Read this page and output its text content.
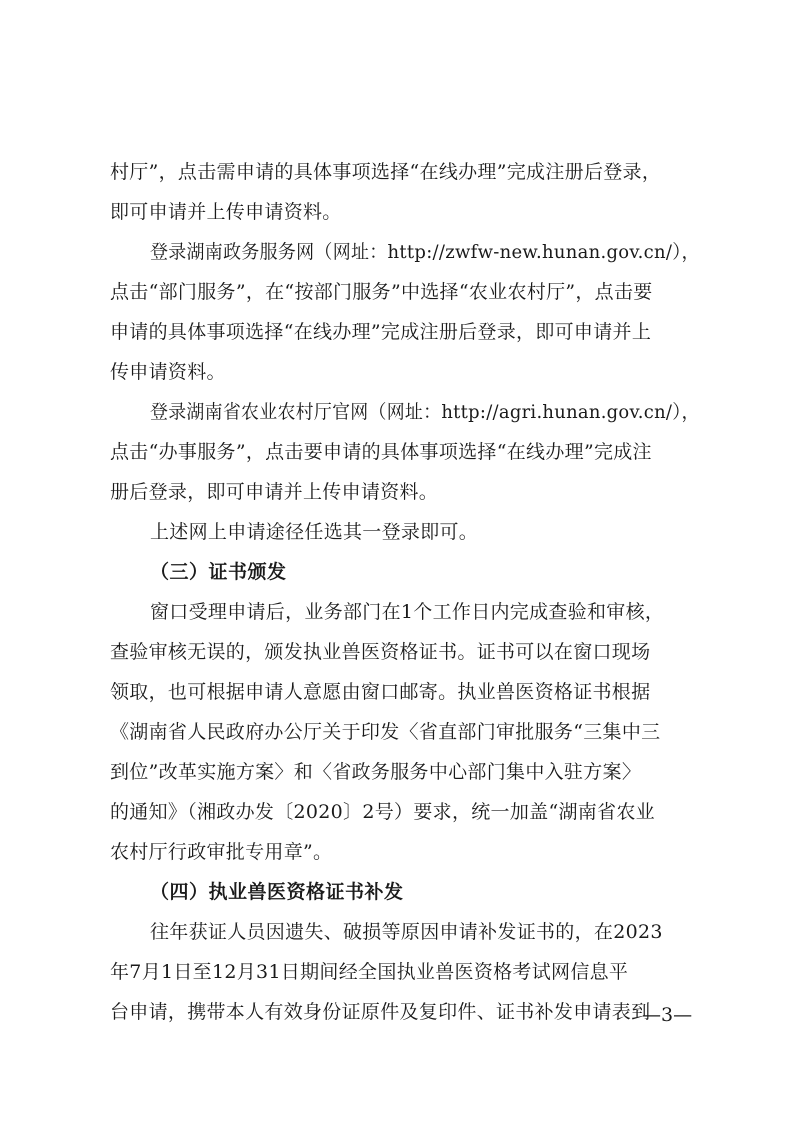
村厅”，点击需申请的具体事项选择“在线办理”完成注册后登录，
即可申请并上传申请资料。
登录湖南政务服务网（网址：http://zwfw-new.hunan.gov.cn/），
点击“部门服务”，在“按部门服务”中选择“农业农村厅”，点击要
申请的具体事项选择“在线办理”完成注册后登录，即可申请并上
传申请资料。
登录湖南省农业农村厅官网（网址：http://agri.hunan.gov.cn/），
点击“办事服务”，点击要申请的具体事项选择“在线办理”完成注
册后登录，即可申请并上传申请资料。
上述网上申请途径任选其一登录即可。
（三）证书颁发
窗口受理申请后，业务部门在1个工作日内完成查验和审核，
查验审核无误的，颁发执业兽医资格证书。证书可以在窗口现场
领取，也可根据申请人意愿由窗口邮寄。执业兽医资格证书根据
《湖南省人民政府办公厅关于印发〈省直部门审批服务“三集中三
到位”改革实施方案〉和〈省政务服务中心部门集中入驻方案〉
的通知》（湘政办发〔2020〕2号）要求，统一加盖“湖南省农业
农村厅行政审批专用章”。
（四）执业兽医资格证书补发
往年获证人员因遗失、破损等原因申请补发证书的，在2023
年7月1日至12月31日期间经全国执业兽医资格考试网信息平
台申请，携带本人有效身份证原件及复印件、证书补发申请表到
—3—
